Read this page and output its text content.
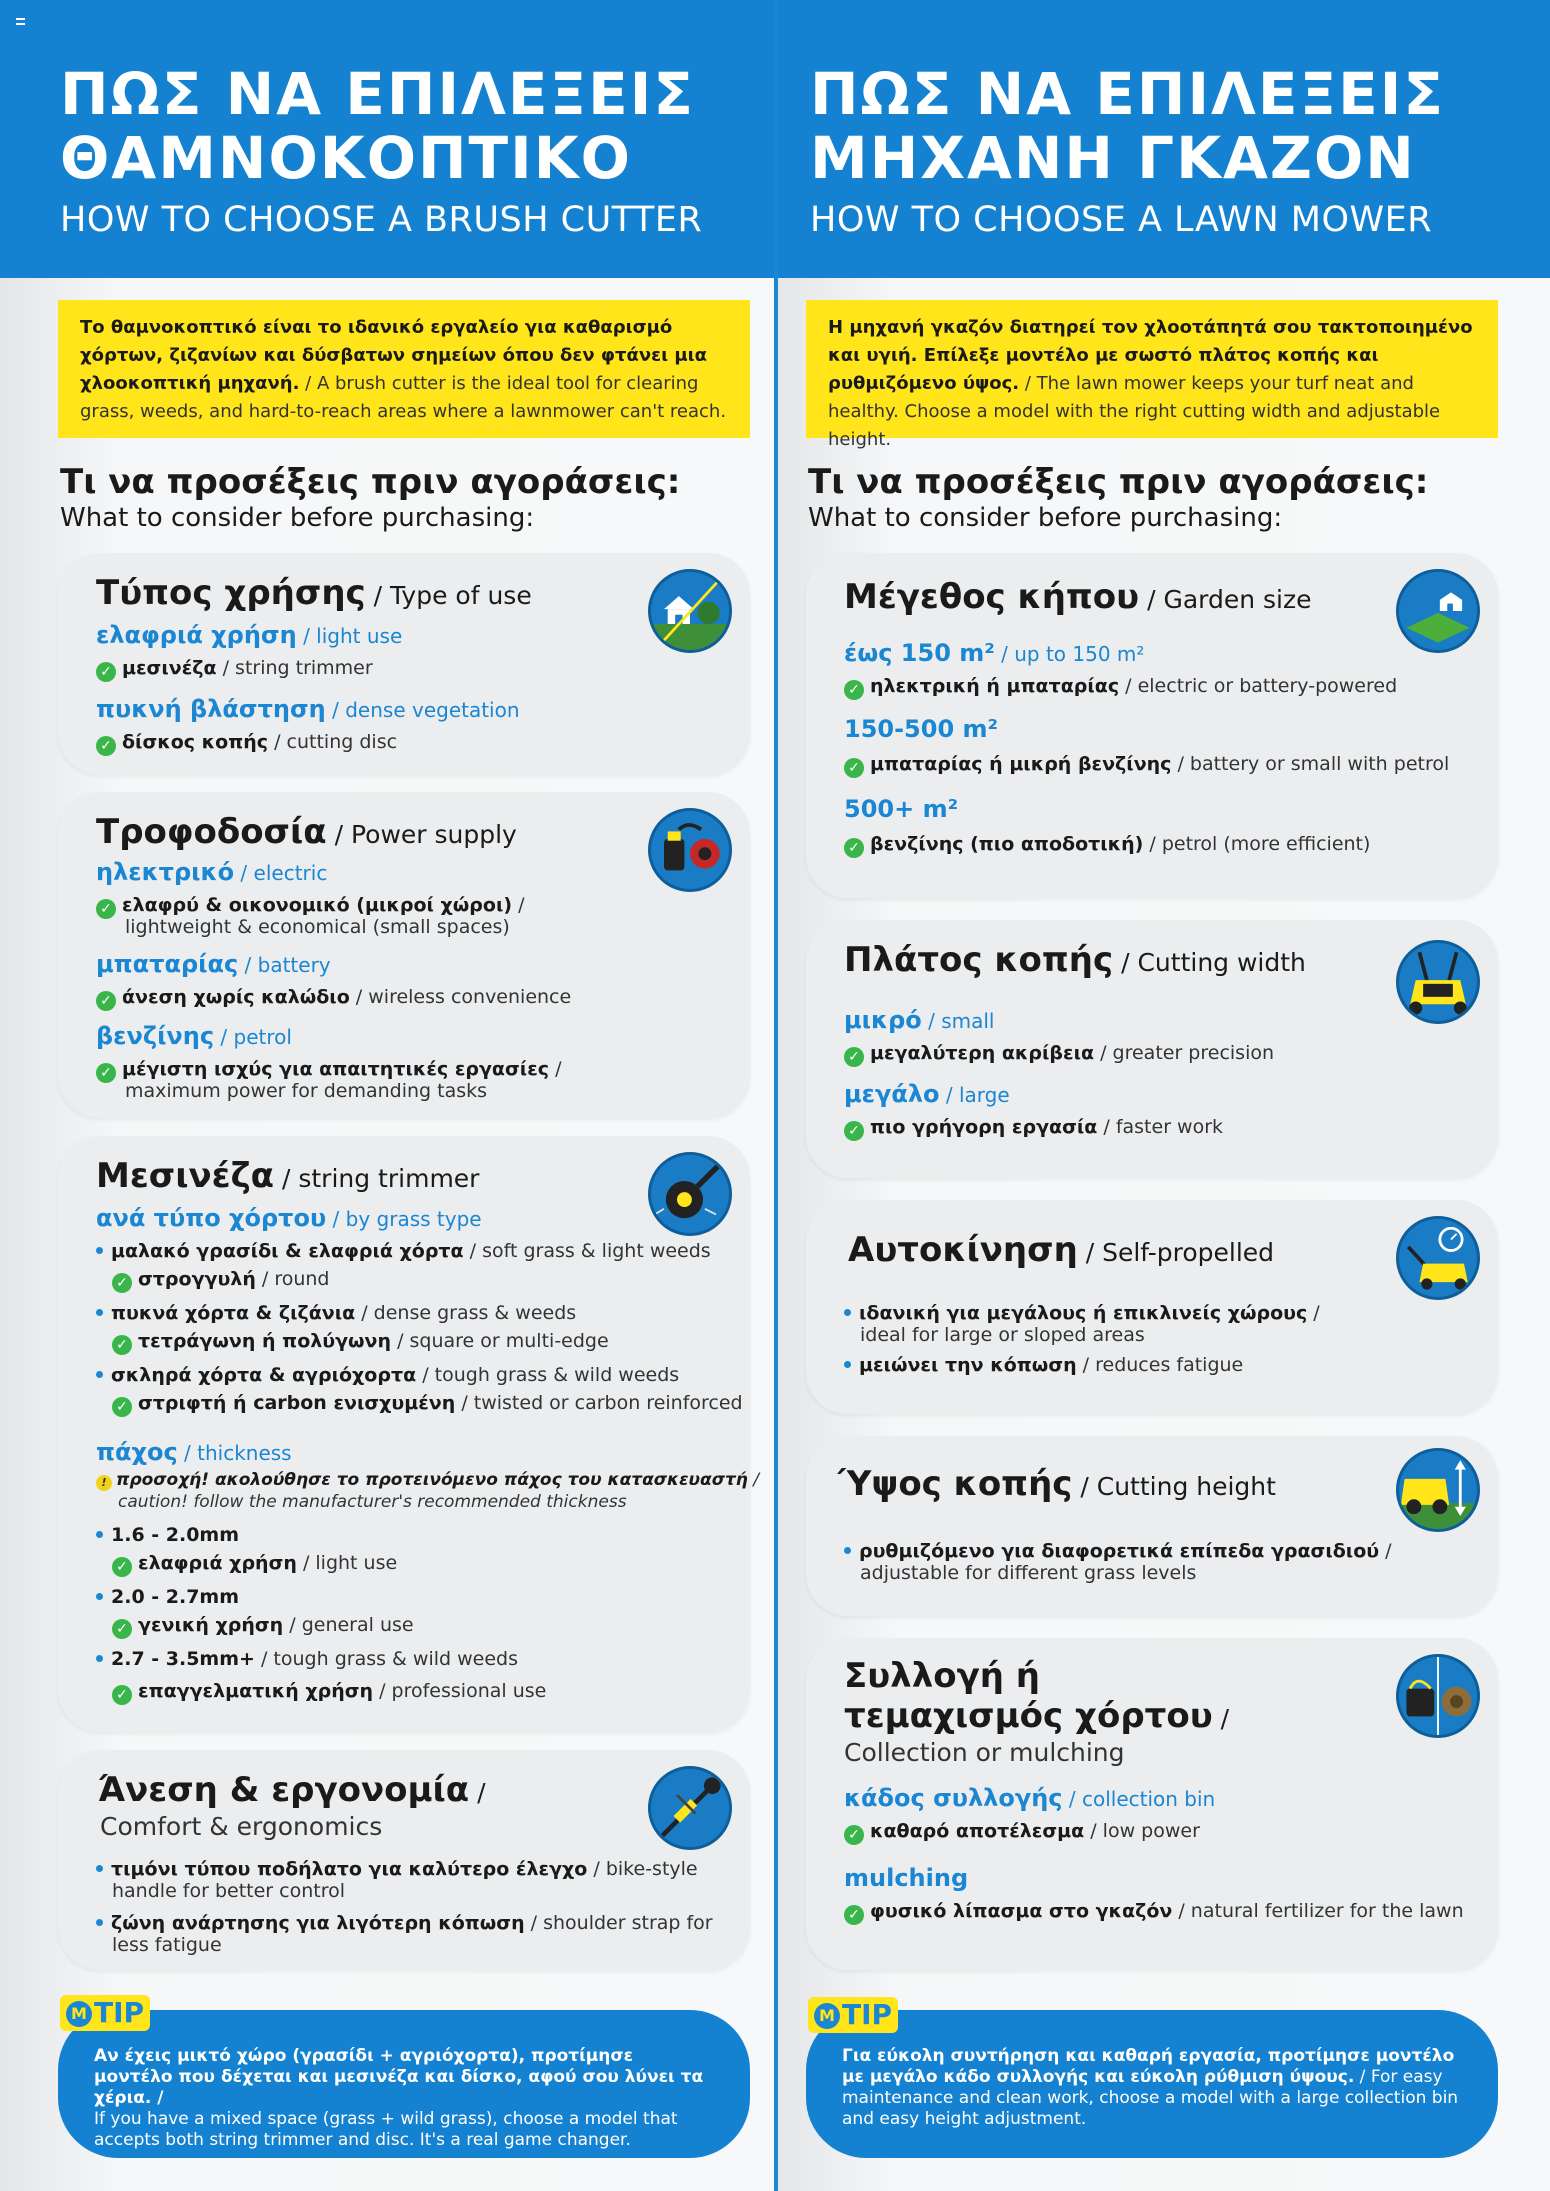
ΠΩΣ ΝΑ ΕΠΙΛΕΞΕΙΣ
ΘΑΜΝΟΚΟΠΤΙΚΟ
HOW TO CHOOSE A BRUSH CUTTER
Το θαμνοκοπτικό είναι το ιδανικό εργαλείο για καθαρισμό χόρτων, ζιζανίων και δύσβατων σημείων όπου δεν φτάνει μια χλοοκοπτική μηχανή. / A brush cutter is the ideal tool for clearing grass, weeds, and hard-to-reach areas where a lawnmower can't reach.
Τι να προσέξεις πριν αγοράσεις:
What to consider before purchasing:
Τύπος χρήσης / Type of use
ελαφριά χρήση / light use
✓ μεσινέζα / string trimmer
πυκνή βλάστηση / dense vegetation
✓ δίσκος κοπής / cutting disc
Τροφοδοσία / Power supply
ηλεκτρικό / electric
✓ ελαφρύ & οικονομικό (μικροί χώροι) /
lightweight & economical (small spaces)
μπαταρίας / battery
✓ άνεση χωρίς καλώδιο / wireless convenience
βενζίνης / petrol
✓ μέγιστη ισχύς για απαιτητικές εργασίες /
maximum power for demanding tasks
Μεσινέζα / string trimmer
ανά τύπο χόρτου / by grass type
μαλακό γρασίδι & ελαφριά χόρτα / soft grass & light weeds
✓ στρογγυλή / round
πυκνά χόρτα & ζιζάνια / dense grass & weeds
✓ τετράγωνη ή πολύγωνη / square or multi-edge
σκληρά χόρτα & αγριόχορτα / tough grass & wild weeds
✓ στριφτή ή carbon ενισχυμένη / twisted or carbon reinforced
πάχος / thickness
! προσοχή! ακολούθησε το προτεινόμενο πάχος του κατασκευαστή /
caution! follow the manufacturer's recommended thickness
1.6 - 2.0mm
✓ ελαφριά χρήση / light use
2.0 - 2.7mm
✓ γενική χρήση / general use
2.7 - 3.5mm+ / tough grass & wild weeds
✓ επαγγελματική χρήση / professional use
Άνεση & εργονομία /
Comfort & ergonomics
τιμόνι τύπου ποδήλατο για καλύτερο έλεγχο / bike-style
handle for better control
ζώνη ανάρτησης για λιγότερη κόπωση / shoulder strap for
less fatigue
Αν έχεις μικτό χώρο (γρασίδι + αγριόχορτα), προτίμησε μοντέλο που δέχεται και μεσινέζα και δίσκο, αφού σου λύνει τα χέρια. /
If you have a mixed space (grass + wild grass), choose a model that accepts both string trimmer and disc. It's a real game changer.
M TIP
ΠΩΣ ΝΑ ΕΠΙΛΕΞΕΙΣ
ΜΗΧΑΝΗ ΓΚΑΖΟΝ
HOW TO CHOOSE A LAWN MOWER
Η μηχανή γκαζόν διατηρεί τον χλοοτάπητά σου τακτοποιημένο και υγιή. Επίλεξε μοντέλο με σωστό πλάτος κοπής και ρυθμιζόμενο ύψος. / The lawn mower keeps your turf neat and healthy. Choose a model with the right cutting width and adjustable height.
Τι να προσέξεις πριν αγοράσεις:
What to consider before purchasing:
Μέγεθος κήπου / Garden size
έως 150 m² / up to 150 m²
✓ ηλεκτρική ή μπαταρίας / electric or battery-powered
150-500 m²
✓ μπαταρίας ή μικρή βενζίνης / battery or small with petrol
500+ m²
✓ βενζίνης (πιο αποδοτική) / petrol (more efficient)
Πλάτος κοπής / Cutting width
μικρό / small
✓ μεγαλύτερη ακρίβεια / greater precision
μεγάλο / large
✓ πιο γρήγορη εργασία / faster work
Αυτοκίνηση / Self-propelled
ιδανική για μεγάλους ή επικλινείς χώρους /
ideal for large or sloped areas
μειώνει την κόπωση / reduces fatigue
Ύψος κοπής / Cutting height
ρυθμιζόμενο για διαφορετικά επίπεδα γρασιδιού /
adjustable for different grass levels
Συλλογή ή
τεμαχισμός χόρτου /
Collection or mulching
κάδος συλλογής / collection bin
✓ καθαρό αποτέλεσμα / low power
mulching
✓ φυσικό λίπασμα στο γκαζόν / natural fertilizer for the lawn
Για εύκολη συντήρηση και καθαρή εργασία, προτίμησε μοντέλο με μεγάλο κάδο συλλογής και εύκολη ρύθμιση ύψους. / For easy maintenance and clean work, choose a model with a large collection bin and easy height adjustment.
M TIP
